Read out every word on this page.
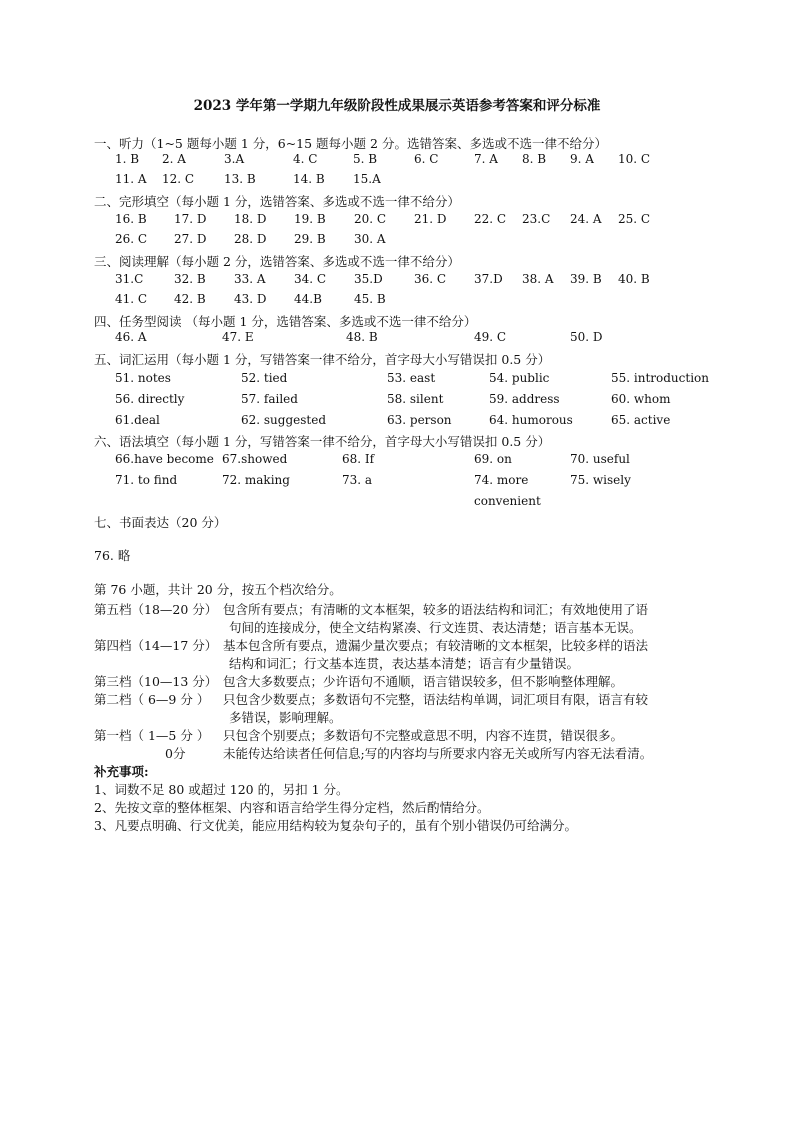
2023 学年第一学期九年级阶段性成果展示英语参考答案和评分标准
一、听力（1~5 题每小题 1 分，6~15 题每小题 2 分。选错答案、多选或不选一律不给分）
1. B 2. A	3.A	4. C	5. B	6. C	7. A 8. B 9. A 10. C
11. A 12. C 13. B	14. B 15.A
二、完形填空（每小题 1 分，选错答案、多选或不选一律不给分）
16. B 17. D 18. D 19. B 20. C 21. D 22. C 23.C 24. A 25. C
26. C 27. D 28. D 29. B 30. A
三、阅读理解（每小题 2 分，选错答案、多选或不选一律不给分）
31.C	32. B 33. A 34. C 35.D	36. C 37.D 38. A 39. B 40. B
41. C 42. B 43. D 44.B	45. B
四、任务型阅读 （每小题 1 分，选错答案、多选或不选一律不给分）
46. A	47. E	48. B	49. C	50. D
五、词汇运用（每小题 1 分，写错答案一律不给分，首字母大小写错误扣 0.5 分）
51. notes	52. tied	53. east	54. public	55. introduction
56. directly	57. failed	58. silent	59. address	60. whom
61.deal	62. suggested	63. person	64. humorous	65. active
六、语法填空（每小题 1 分，写错答案一律不给分，首字母大小写错误扣 0.5 分）
66.have become 67.showed	68. If	69. on	70. useful
71. to find	72. making	73. a	74. more	75. wisely
convenient
七、书面表达（20 分）
76. 略
第 76 小题，共计 20 分，按五个档次给分。
第五档（18—20 分） 包含所有要点；有清晰的文本框架，较多的语法结构和词汇；有效地使用了语
句间的连接成分，使全文结构紧凑、行文连贯、表达清楚；语言基本无误。
第四档（14—17 分） 基本包含所有要点，遗漏少量次要点；有较清晰的文本框架，比较多样的语法
结构和词汇；行文基本连贯，表达基本清楚；语言有少量错误。
第三档（10—13 分） 包含大多数要点；少许语句不通顺，语言错误较多，但不影响整体理解。
第二档（ 6—9 分 ） 只包含少数要点；多数语句不完整，语法结构单调，词汇项目有限，语言有较
多错误，影响理解。
第一档（ 1—5 分 ） 只包含个别要点；多数语句不完整或意思不明，内容不连贯，错误很多。
0分	未能传达给读者任何信息;写的内容均与所要求内容无关或所写内容无法看清。
补充事项:
1、词数不足 80 或超过 120 的，另扣 1 分。
2、先按文章的整体框架、内容和语言给学生得分定档，然后酌情给分。
3、凡要点明确、行文优美，能应用结构较为复杂句子的，虽有个别小错误仍可给满分。
